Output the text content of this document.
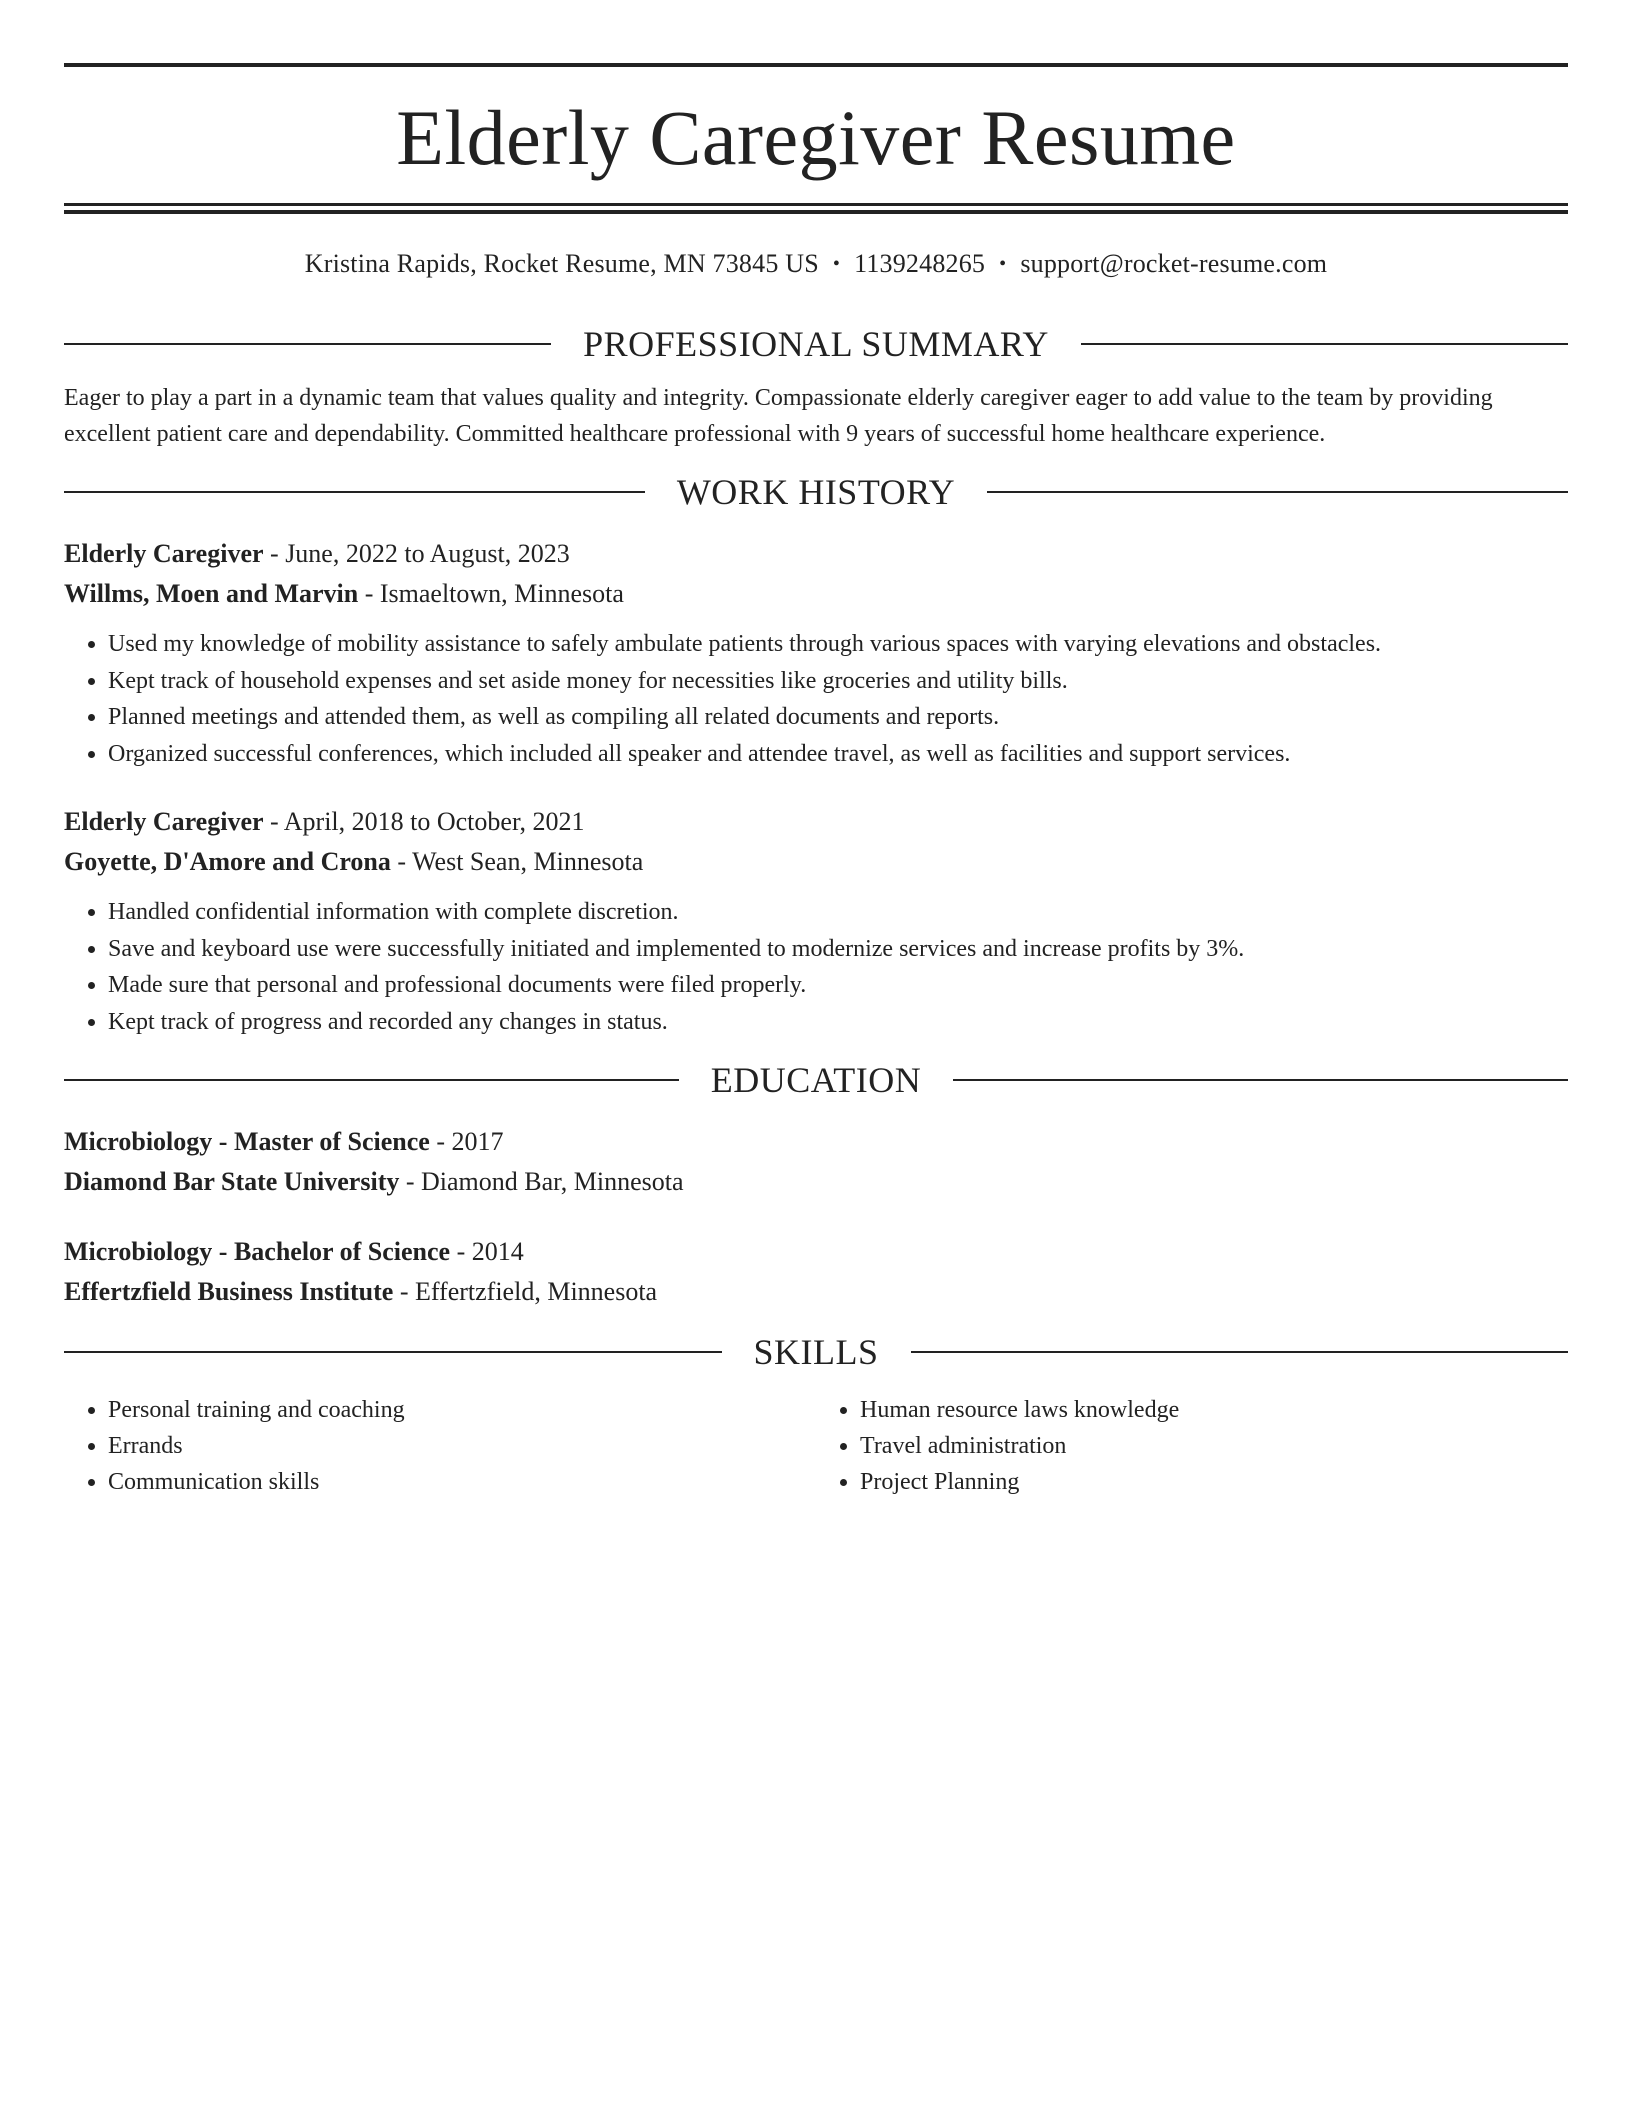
Elderly Caregiver Resume
Kristina Rapids, Rocket Resume, MN 73845 US • 1139248265 • support@rocket-resume.com
PROFESSIONAL SUMMARY
Eager to play a part in a dynamic team that values quality and integrity. Compassionate elderly caregiver eager to add value to the team by providing excellent patient care and dependability. Committed healthcare professional with 9 years of successful home healthcare experience.
WORK HISTORY
Elderly Caregiver - June, 2022 to August, 2023
Willms, Moen and Marvin - Ismaeltown, Minnesota
• Used my knowledge of mobility assistance to safely ambulate patients through various spaces with varying elevations and obstacles.
• Kept track of household expenses and set aside money for necessities like groceries and utility bills.
• Planned meetings and attended them, as well as compiling all related documents and reports.
• Organized successful conferences, which included all speaker and attendee travel, as well as facilities and support services.
Elderly Caregiver - April, 2018 to October, 2021
Goyette, D'Amore and Crona - West Sean, Minnesota
• Handled confidential information with complete discretion.
• Save and keyboard use were successfully initiated and implemented to modernize services and increase profits by 3%.
• Made sure that personal and professional documents were filed properly.
• Kept track of progress and recorded any changes in status.
EDUCATION
Microbiology - Master of Science - 2017
Diamond Bar State University - Diamond Bar, Minnesota
Microbiology - Bachelor of Science - 2014
Effertzfield Business Institute - Effertzfield, Minnesota
SKILLS
• Personal training and coaching
• Errands
• Communication skills
• Human resource laws knowledge
• Travel administration
• Project Planning
